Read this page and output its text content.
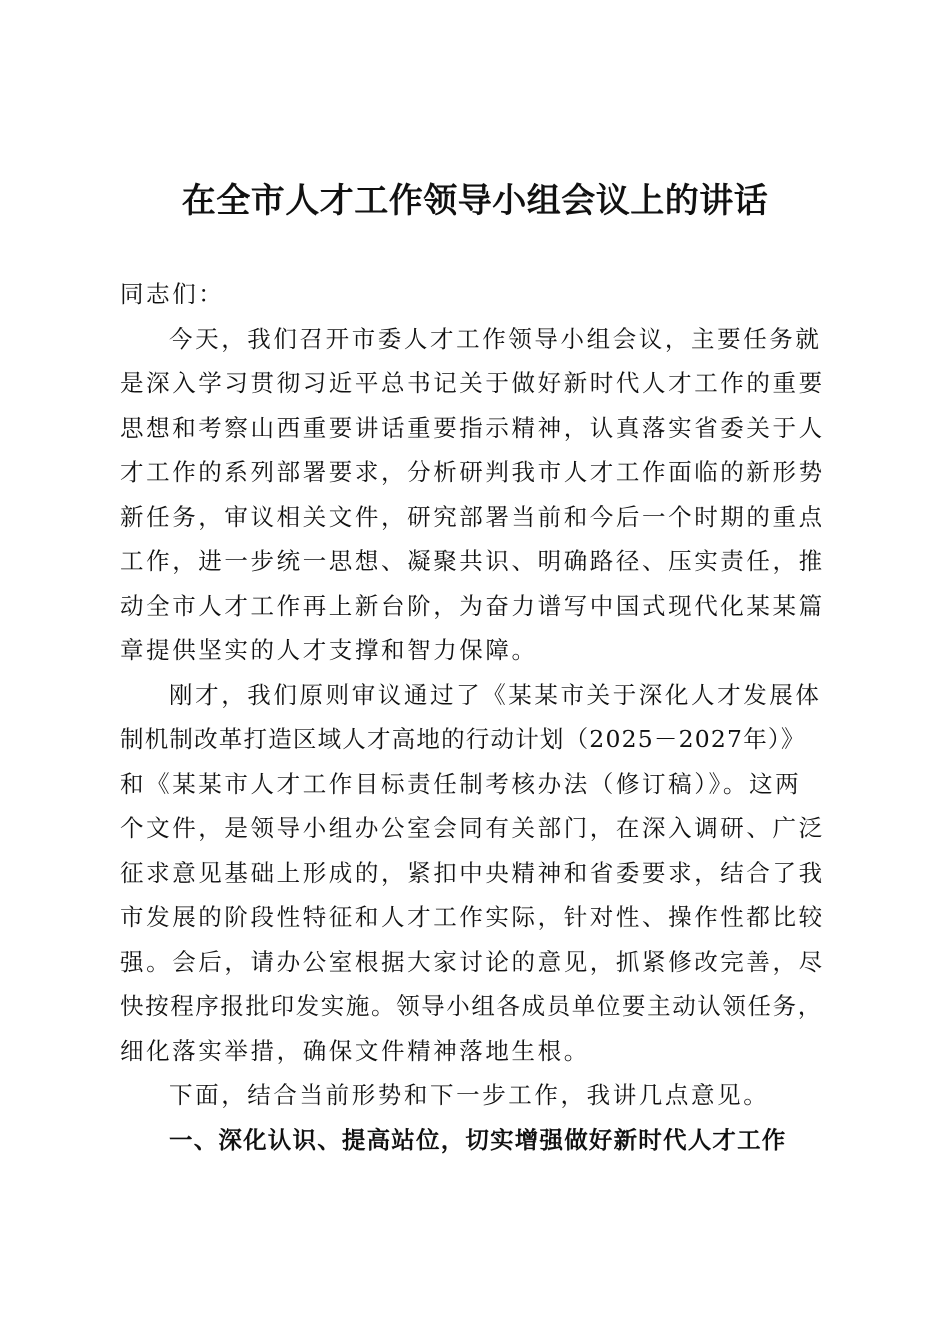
在全市人才工作领导小组会议上的讲话
同志们：
今天，我们召开市委人才工作领导小组会议，主要任务就
是深入学习贯彻习近平总书记关于做好新时代人才工作的重要
思想和考察山西重要讲话重要指示精神，认真落实省委关于人
才工作的系列部署要求，分析研判我市人才工作面临的新形势
新任务，审议相关文件，研究部署当前和今后一个时期的重点
工作，进一步统一思想、凝聚共识、明确路径、压实责任，推
动全市人才工作再上新台阶，为奋力谱写中国式现代化某某篇
章提供坚实的人才支撑和智力保障。
刚才，我们原则审议通过了《某某市关于深化人才发展体
制机制改革打造区域人才高地的行动计划（2025－2027年）》
和《某某市人才工作目标责任制考核办法（修订稿）》。这两
个文件，是领导小组办公室会同有关部门，在深入调研、广泛
征求意见基础上形成的，紧扣中央精神和省委要求，结合了我
市发展的阶段性特征和人才工作实际，针对性、操作性都比较
强。会后，请办公室根据大家讨论的意见，抓紧修改完善，尽
快按程序报批印发实施。领导小组各成员单位要主动认领任务，
细化落实举措，确保文件精神落地生根。
下面，结合当前形势和下一步工作，我讲几点意见。
一、深化认识、提高站位，切实增强做好新时代人才工作
